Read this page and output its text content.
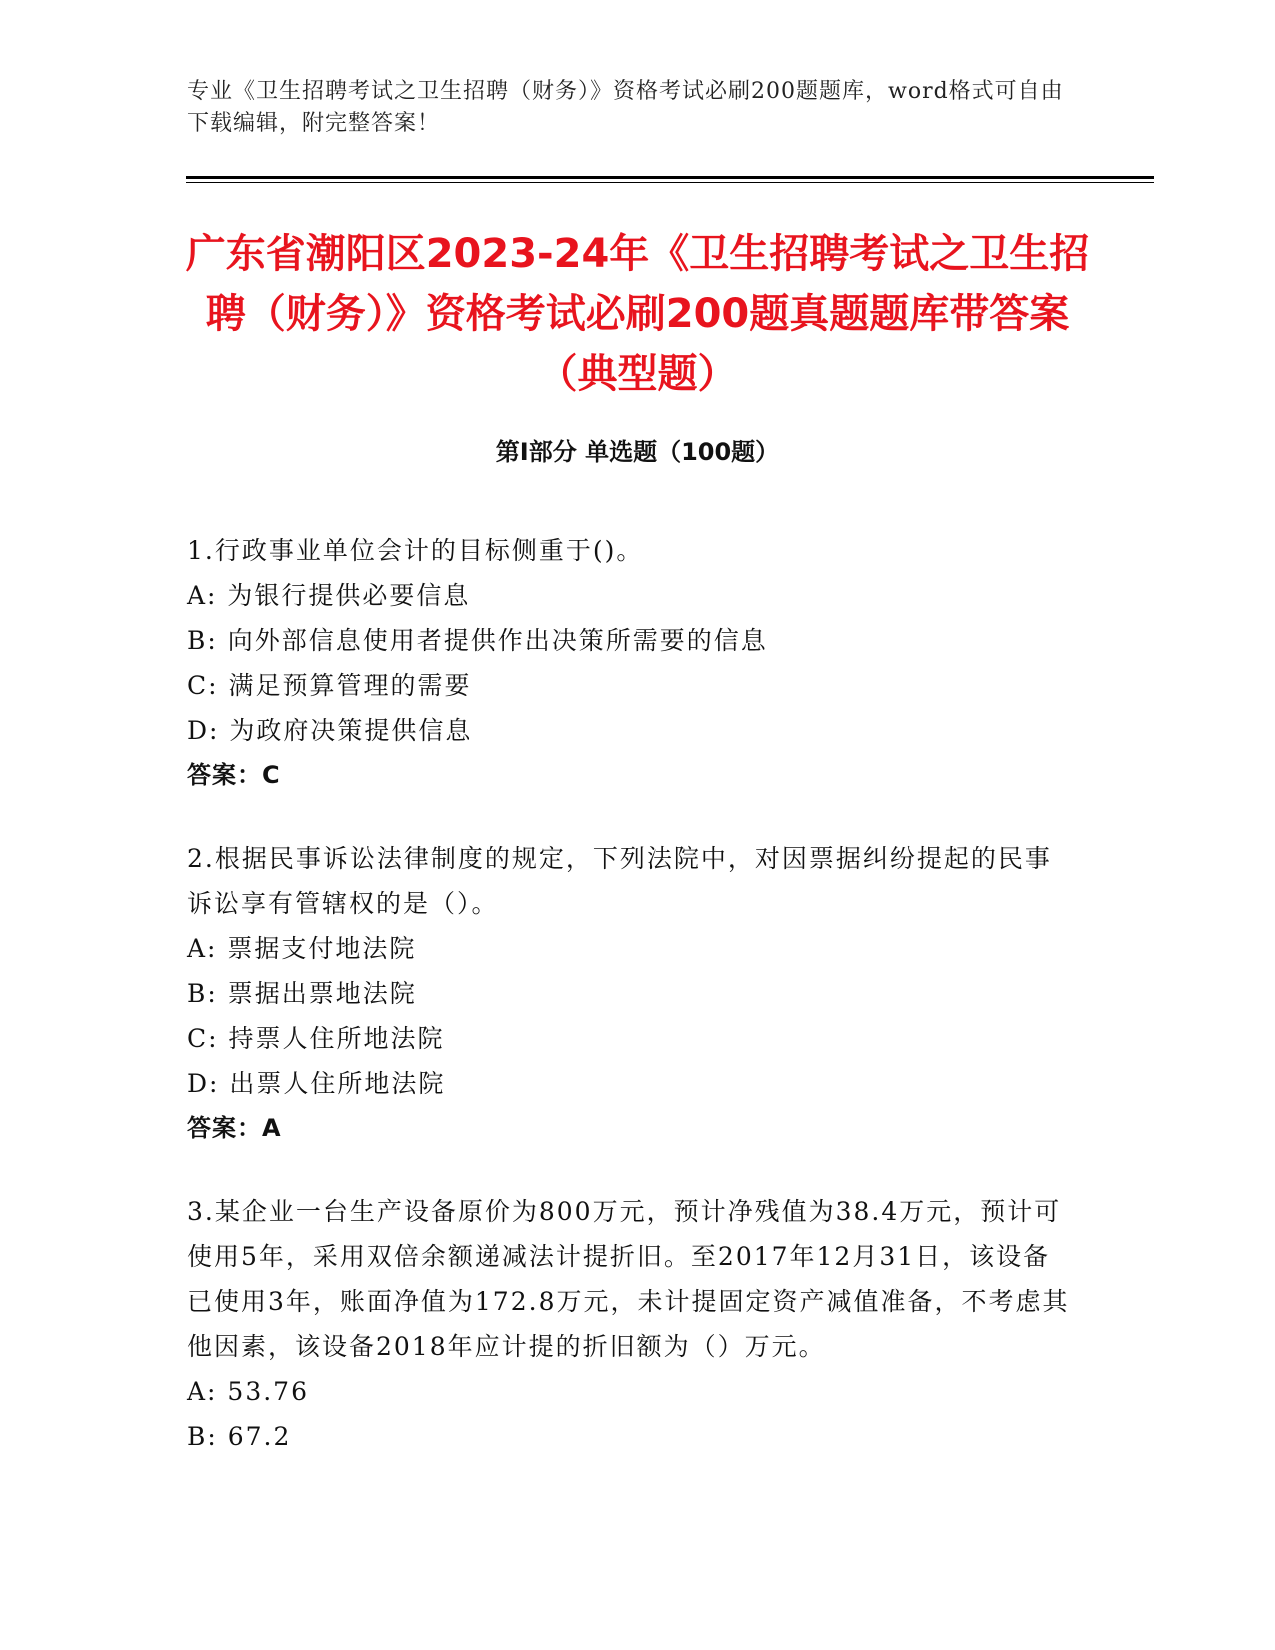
专业《卫生招聘考试之卫生招聘（财务）》资格考试必刷200题题库，word格式可自由下载编辑，附完整答案！
广东省潮阳区2023-24年《卫生招聘考试之卫生招聘（财务）》资格考试必刷200题真题题库带答案（典型题）
第I部分 单选题（100题）
1.行政事业单位会计的目标侧重于()。
A: 为银行提供必要信息
B: 向外部信息使用者提供作出决策所需要的信息
C: 满足预算管理的需要
D: 为政府决策提供信息
答案：C
2.根据民事诉讼法律制度的规定，下列法院中，对因票据纠纷提起的民事诉讼享有管辖权的是（）。
A: 票据支付地法院
B: 票据出票地法院
C: 持票人住所地法院
D: 出票人住所地法院
答案：A
3.某企业一台生产设备原价为800万元，预计净残值为38.4万元，预计可使用5年，采用双倍余额递减法计提折旧。至2017年12月31日，该设备已使用3年，账面净值为172.8万元，未计提固定资产减值准备，不考虑其他因素，该设备2018年应计提的折旧额为（）万元。
A: 53.76
B: 67.2
